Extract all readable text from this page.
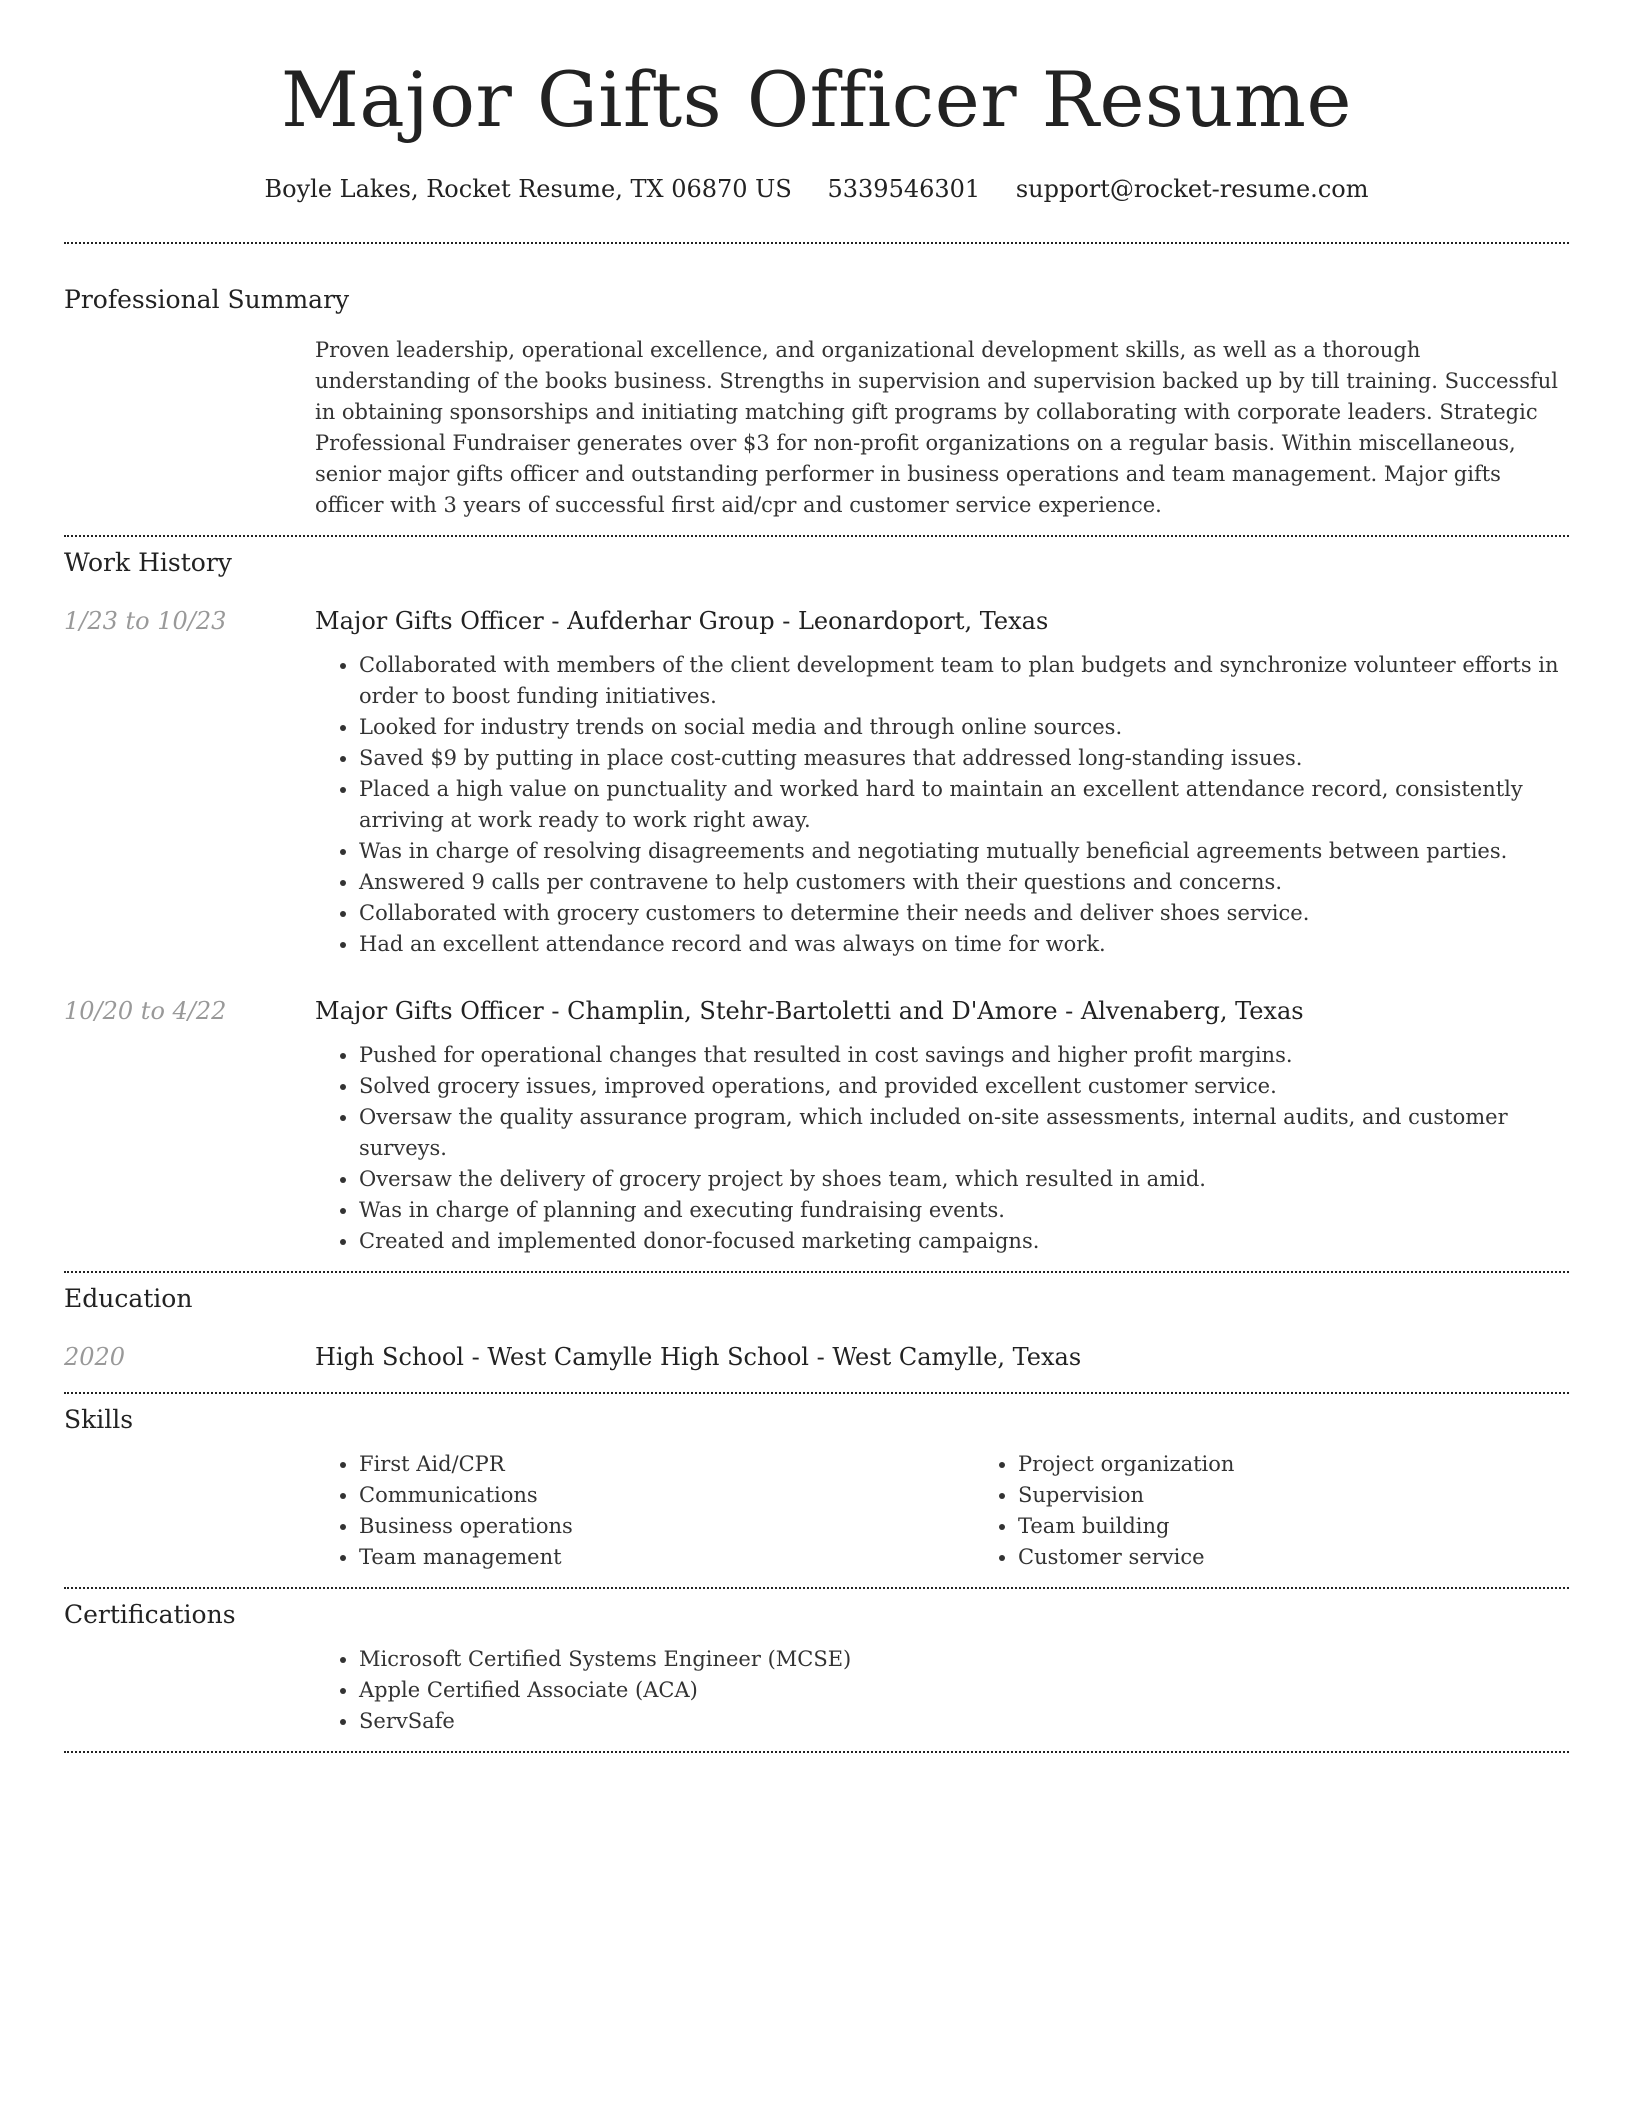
Major Gifts Officer Resume
Boyle Lakes, Rocket Resume, TX 06870 US 5339546301 support@rocket-resume.com
Professional Summary

Proven leadership, operational excellence, and organizational development skills, as well as a thorough understanding of the books business. Strengths in supervision and supervision backed up by till training. Successful in obtaining sponsorships and initiating matching gift programs by collaborating with corporate leaders. Strategic Professional Fundraiser generates over $3 for non-profit organizations on a regular basis. Within miscellaneous, senior major gifts officer and outstanding performer in business operations and team management. Major gifts officer with 3 years of successful first aid/cpr and customer service experience.

Work History
1/23 to 10/23	Major Gifts Officer - Aufderhar Group - Leonardoport, Texas
• Collaborated with members of the client development team to plan budgets and synchronize volunteer efforts in order to boost funding initiatives.
• Looked for industry trends on social media and through online sources.
• Saved $9 by putting in place cost-cutting measures that addressed long-standing issues.
• Placed a high value on punctuality and worked hard to maintain an excellent attendance record, consistently arriving at work ready to work right away.
• Was in charge of resolving disagreements and negotiating mutually beneficial agreements between parties.
• Answered 9 calls per contravene to help customers with their questions and concerns.
• Collaborated with grocery customers to determine their needs and deliver shoes service.
• Had an excellent attendance record and was always on time for work.
10/20 to 4/22	Major Gifts Officer - Champlin, Stehr-Bartoletti and D'Amore - Alvenaberg, Texas
• Pushed for operational changes that resulted in cost savings and higher profit margins.
• Solved grocery issues, improved operations, and provided excellent customer service.
• Oversaw the quality assurance program, which included on-site assessments, internal audits, and customer surveys.
• Oversaw the delivery of grocery project by shoes team, which resulted in amid.
• Was in charge of planning and executing fundraising events.
• Created and implemented donor-focused marketing campaigns.
Education
2020	High School - West Camylle High School - West Camylle, Texas
Skills
• First Aid/CPR
• Communications
• Business operations
• Team management
• Project organization
• Supervision
• Team building
• Customer service
Certifications
• Microsoft Certified Systems Engineer (MCSE)
• Apple Certified Associate (ACA)
• ServSafe
